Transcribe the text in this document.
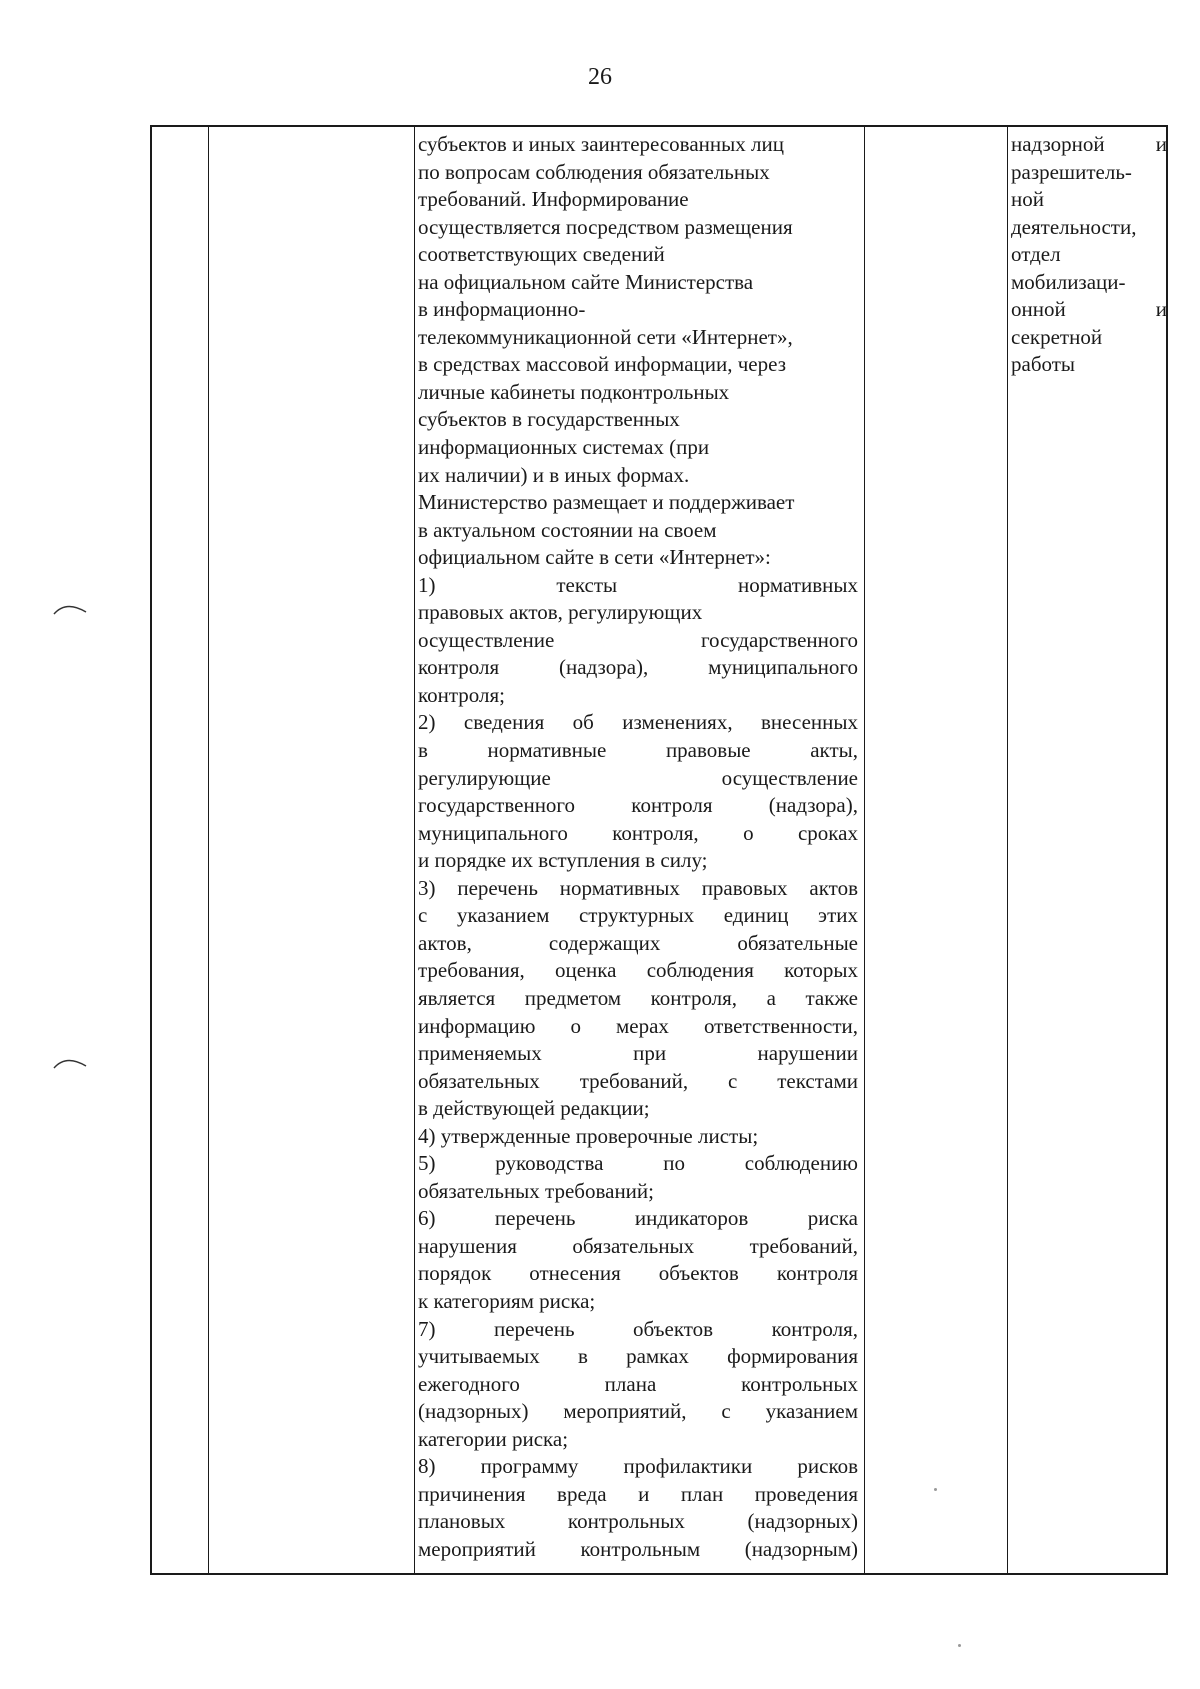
26
субъектов и иных заинтересованных лиц
по вопросам соблюдения обязательных
требований. Информирование
осуществляется посредством размещения
соответствующих сведений
на официальном сайте Министерства
в информационно-
телекоммуникационной сети «Интернет»,
в средствах массовой информации, через
личные кабинеты подконтрольных
субъектов в государственных
информационных системах (при
их наличии) и в иных формах.
Министерство размещает и поддерживает
в актуальном состоянии на своем
официальном сайте в сети «Интернет»:
1) тексты нормативных
правовых актов, регулирующих
осуществление государственного
контроля (надзора), муниципального
контроля;
2) сведения об изменениях, внесенных
в нормативные правовые акты,
регулирующие осуществление
государственного контроля (надзора),
муниципального контроля, о сроках
и порядке их вступления в силу;
3) перечень нормативных правовых актов
с указанием структурных единиц этих
актов, содержащих обязательные
требования, оценка соблюдения которых
является предметом контроля, а также
информацию о мерах ответственности,
применяемых при нарушении
обязательных требований, с текстами
в действующей редакции;
4) утвержденные проверочные листы;
5) руководства по соблюдению
обязательных требований;
6) перечень индикаторов риска
нарушения обязательных требований,
порядок отнесения объектов контроля
к категориям риска;
7) перечень объектов контроля,
учитываемых в рамках формирования
ежегодного плана контрольных
(надзорных) мероприятий, с указанием
категории риска;
8) программу профилактики рисков
причинения вреда и план проведения
плановых контрольных (надзорных)
мероприятий контрольным (надзорным)
надзорной и
разрешитель-
ной
деятельности,
отдел
мобилизаци-
онной и
секретной
работы
